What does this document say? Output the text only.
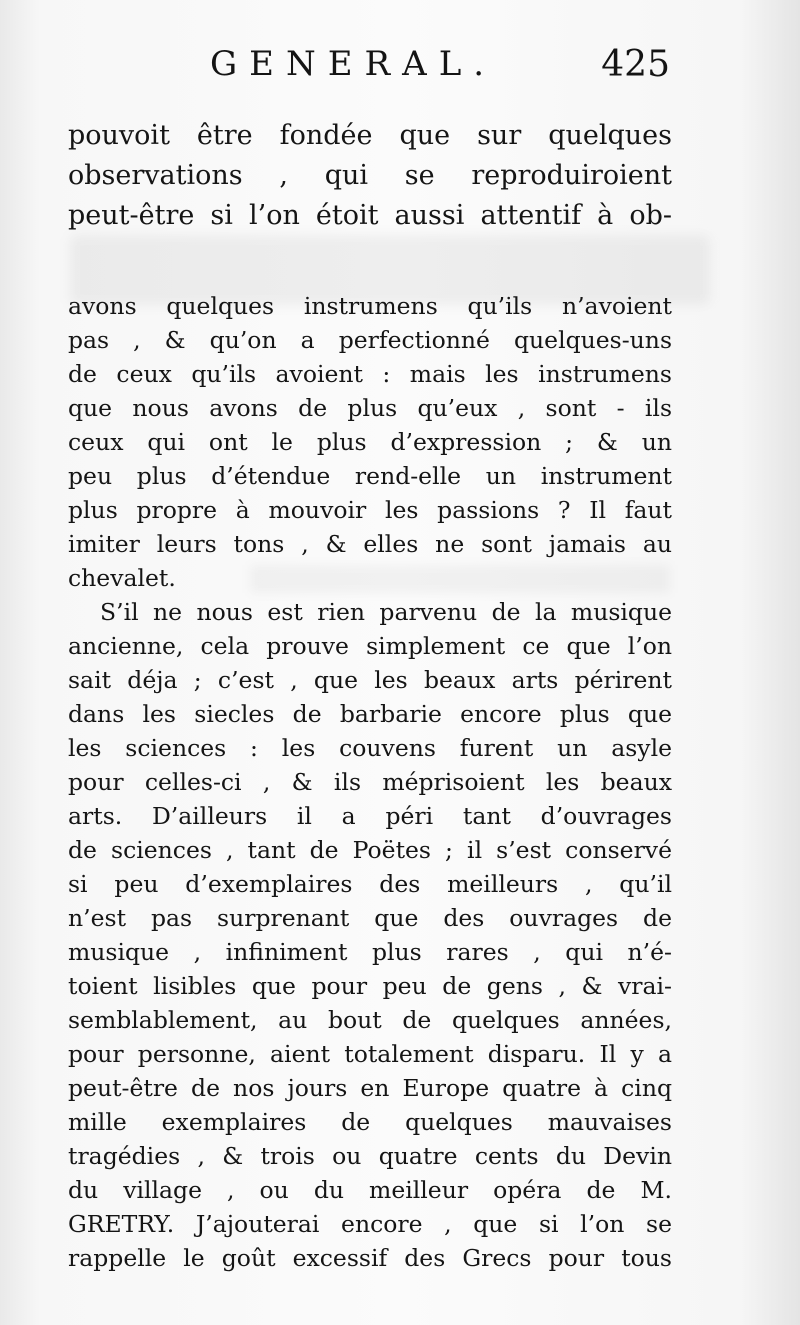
GENERAL.	425

pouvoit être fondée que sur quelques

observations , qui se reproduiroient

peut-être si l’on étoit aussi attentif à ob-

avons quelques instrumens qu’ils n’avoient

pas , & qu’on a perfectionné quelques-uns

de ceux qu’ils avoient : mais les instrumens

que nous avons de plus qu’eux , sont - ils

ceux qui ont le plus d’expression ; & un

peu plus d’étendue rend-elle un instrument

plus propre à mouvoir les passions ? Il faut

imiter leurs tons , & elles ne sont jamais au

chevalet.

S’il ne nous est rien parvenu de la musique

ancienne, cela prouve simplement ce que l’on

sait déja ; c’est , que les beaux arts périrent

dans les siecles de barbarie encore plus que

les sciences : les couvens furent un asyle

pour celles-ci , & ils méprisoient les beaux

arts. D’ailleurs il a péri tant d’ouvrages

de sciences , tant de Poëtes ; il s’est conservé

si peu d’exemplaires des meilleurs , qu’il

n’est pas surprenant que des ouvrages de

musique , infiniment plus rares , qui n’é-

toient lisibles que pour peu de gens , & vrai-

semblablement, au bout de quelques années,

pour personne, aient totalement disparu. Il y a

peut-être de nos jours en Europe quatre à cinq

mille exemplaires de quelques mauvaises

tragédies , & trois ou quatre cents du Devin

du village , ou du meilleur opéra de M.

GRETRY. J’ajouterai encore , que si l’on se

rappelle le goût excessif des Grecs pour tous
